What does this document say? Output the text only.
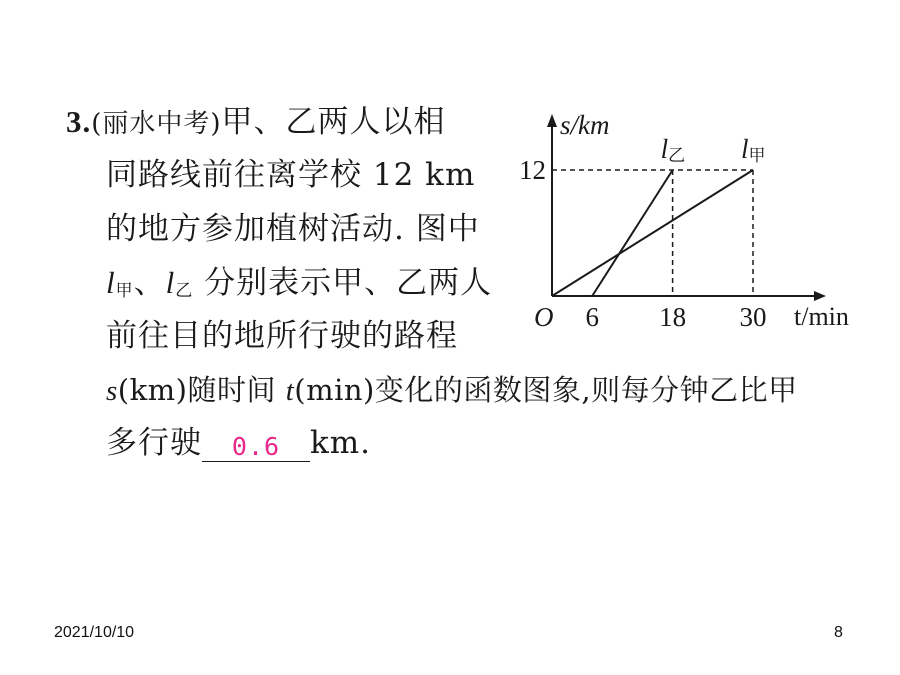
3.(丽水中考)甲、乙两人以相
同路线前往离学校 12 km
的地方参加植树活动. 图中
l甲、l乙 分别表示甲、乙两人
前往目的地所行驶的路程
s(km)随时间 t(min)变化的函数图象,则每分钟乙比甲
多行驶 0.6 km.
O
s/km
t/min
6 18 30
12
l甲
l乙
2021/10/10	8
